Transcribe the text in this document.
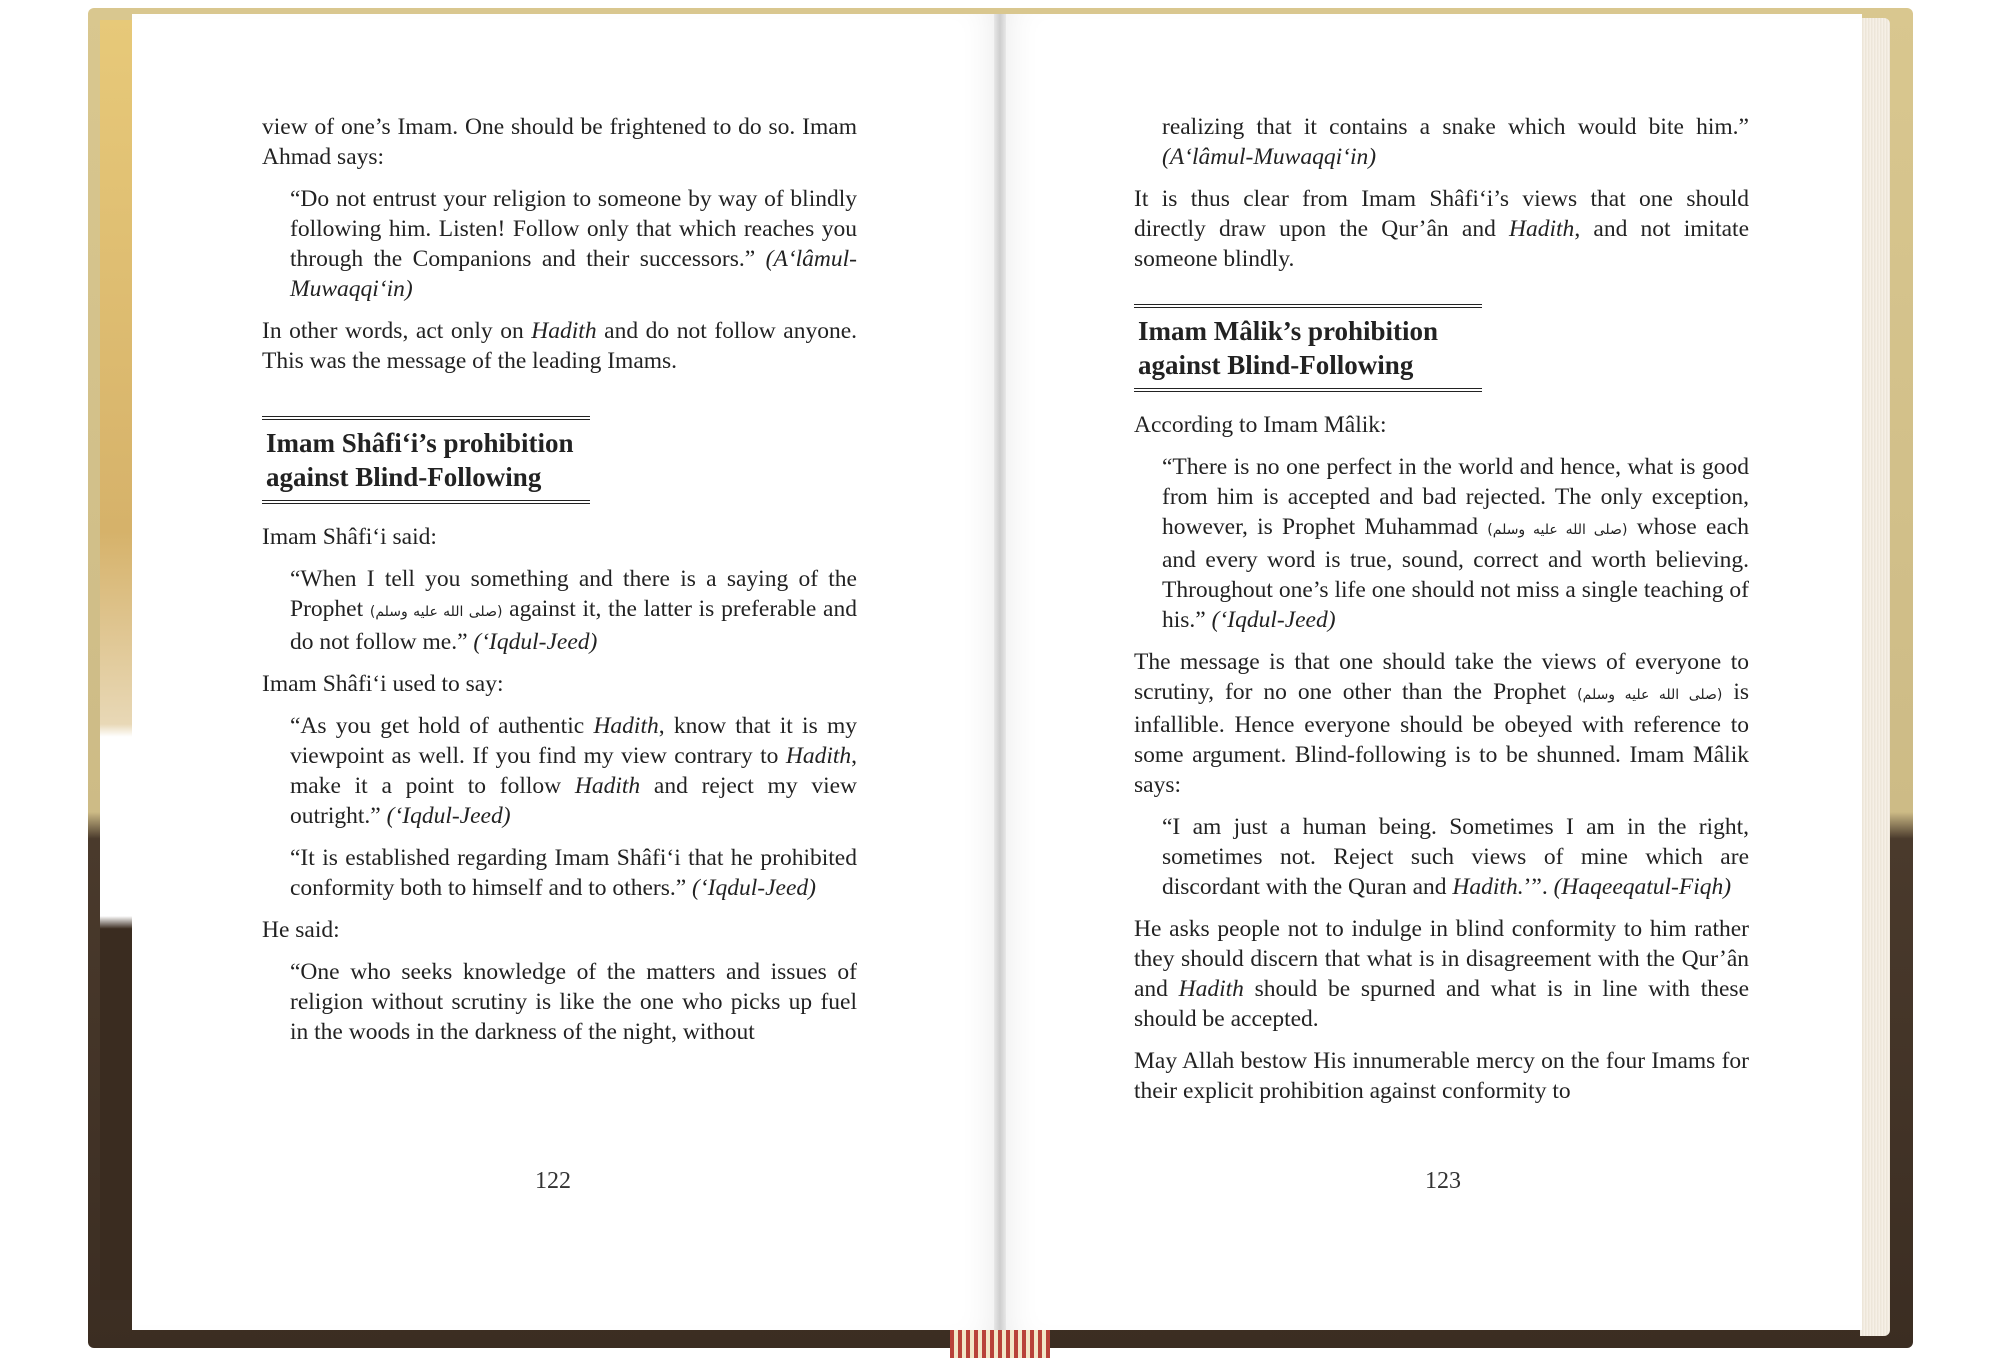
view of one’s Imam. One should be frightened to do so. Imam Ahmad says:

“Do not entrust your religion to someone by way of blindly following him. Listen! Follow only that which reaches you through the Companions and their successors.” (A‘lâmul-Muwaqqi‘in)

In other words, act only on Hadith and do not follow anyone. This was the message of the leading Imams.

Imam Shâfi‘i’s prohibition against Blind-Following

Imam Shâfi‘i said:

“When I tell you something and there is a saying of the Prophet (صلى الله عليه وسلم) against it, the latter is preferable and do not follow me.” (‘Iqdul-Jeed)

Imam Shâfi‘i used to say:

“As you get hold of authentic Hadith, know that it is my viewpoint as well. If you find my view contrary to Hadith, make it a point to follow Hadith and reject my view outright.” (‘Iqdul-Jeed)

“It is established regarding Imam Shâfi‘i that he prohibited conformity both to himself and to others.” (‘Iqdul-Jeed)

He said:

“One who seeks knowledge of the matters and issues of religion without scrutiny is like the one who picks up fuel in the woods in the darkness of the night, without

122

realizing that it contains a snake which would bite him.” (A‘lâmul-Muwaqqi‘in)

It is thus clear from Imam Shâfi‘i’s views that one should directly draw upon the Qur’ân and Hadith, and not imitate someone blindly.

Imam Mâlik’s prohibition against Blind-Following

According to Imam Mâlik:

“There is no one perfect in the world and hence, what is good from him is accepted and bad rejected. The only exception, however, is Prophet Muhammad (صلى الله عليه وسلم) whose each and every word is true, sound, correct and worth believing. Throughout one’s life one should not miss a single teaching of his.” (‘Iqdul-Jeed)

The message is that one should take the views of everyone to scrutiny, for no one other than the Prophet (صلى الله عليه وسلم) is infallible. Hence everyone should be obeyed with reference to some argument. Blind-following is to be shunned. Imam Mâlik says:

“I am just a human being. Sometimes I am in the right, sometimes not. Reject such views of mine which are discordant with the Quran and Hadith.’”. (Haqeeqatul-Fiqh)

He asks people not to indulge in blind conformity to him rather they should discern that what is in disagreement with the Qur’ân and Hadith should be spurned and what is in line with these should be accepted.

May Allah bestow His innumerable mercy on the four Imams for their explicit prohibition against conformity to

123
